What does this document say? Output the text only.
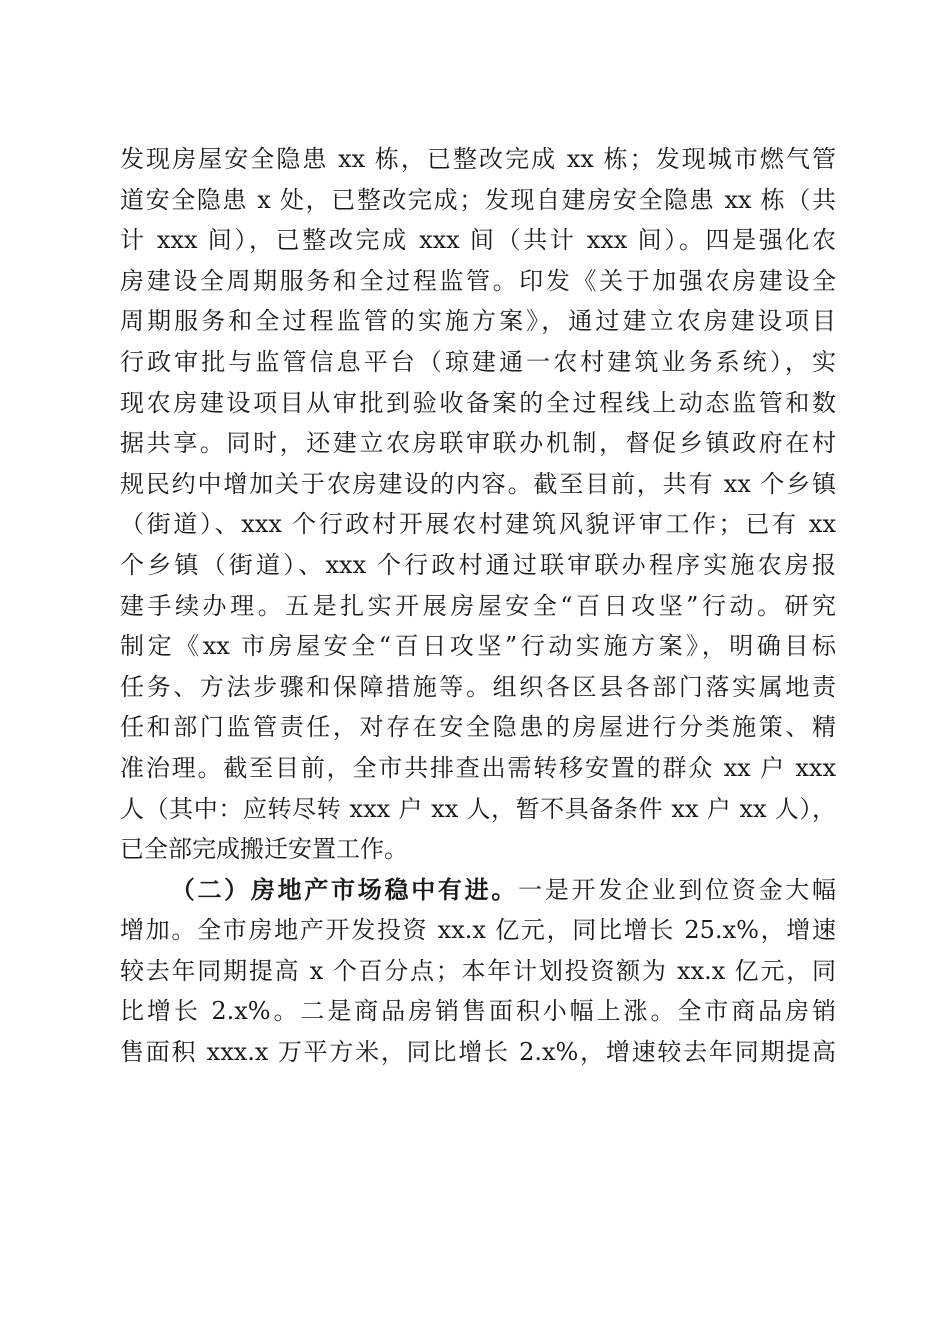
发现房屋安全隐患 xx 栋，已整改完成 xx 栋；发现城市燃气管
道安全隐患 x 处，已整改完成；发现自建房安全隐患 xx 栋（共
计 xxx 间），已整改完成 xxx 间（共计 xxx 间）。四是强化农
房建设全周期服务和全过程监管。印发《关于加强农房建设全
周期服务和全过程监管的实施方案》，通过建立农房建设项目
行政审批与监管信息平台（琼建通一农村建筑业务系统），实
现农房建设项目从审批到验收备案的全过程线上动态监管和数
据共享。同时，还建立农房联审联办机制，督促乡镇政府在村
规民约中增加关于农房建设的内容。截至目前，共有 xx 个乡镇
（街道）、xxx 个行政村开展农村建筑风貌评审工作；已有 xx
个乡镇（街道）、xxx 个行政村通过联审联办程序实施农房报
建手续办理。五是扎实开展房屋安全“百日攻坚”行动。研究
制定《xx 市房屋安全“百日攻坚”行动实施方案》，明确目标
任务、方法步骤和保障措施等。组织各区县各部门落实属地责
任和部门监管责任，对存在安全隐患的房屋进行分类施策、精
准治理。截至目前，全市共排查出需转移安置的群众 xx 户 xxx
人（其中：应转尽转 xxx 户 xx 人，暂不具备条件 xx 户 xx 人），
已全部完成搬迁安置工作。
（二）房地产市场稳中有进。一是开发企业到位资金大幅
增加。全市房地产开发投资 xx.x 亿元，同比增长 25.x%，增速
较去年同期提高 x 个百分点；本年计划投资额为 xx.x 亿元，同
比增长 2.x%。二是商品房销售面积小幅上涨。全市商品房销
售面积 xxx.x 万平方米，同比增长 2.x%，增速较去年同期提高
